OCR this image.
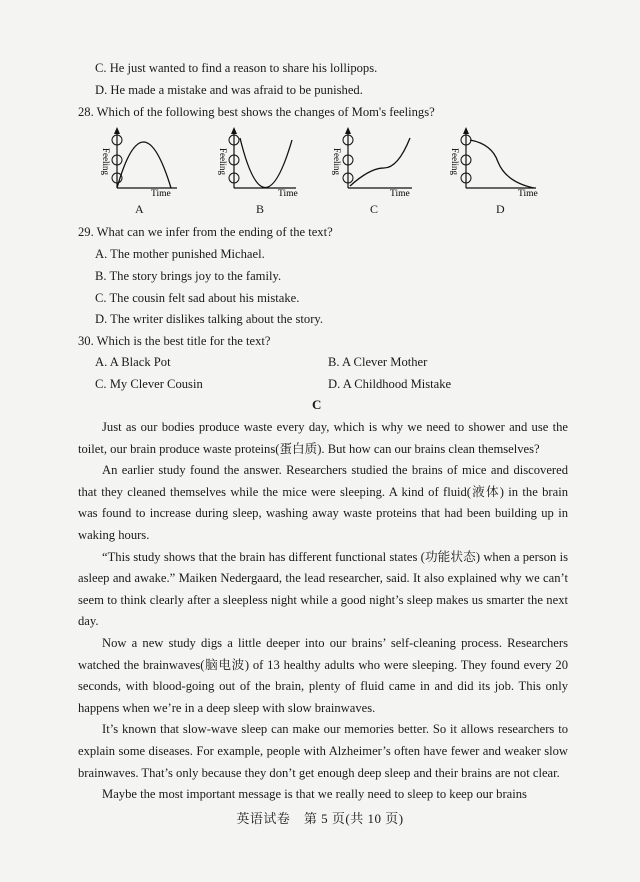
C. He just wanted to find a reason to share his lollipops.
D. He made a mistake and was afraid to be punished.
28. Which of the following best shows the changes of Mom's feelings?
Feeling
Time
A
Feeling
Time
B
Feeling
Time
C
Feeling
Time
D
29. What can we infer from the ending of the text?
A. The mother punished Michael.
B. The story brings joy to the family.
C. The cousin felt sad about his mistake.
D. The writer dislikes talking about the story.
30. Which is the best title for the text?
A. A Black Pot	B. A Clever Mother
C. My Clever Cousin	D. A Childhood Mistake
C

Just as our bodies produce waste every day, which is why we need to shower and use the toilet, our brain produce waste proteins(蛋白质). But how can our brains clean themselves?

An earlier study found the answer. Researchers studied the brains of mice and discovered that they cleaned themselves while the mice were sleeping. A kind of fluid(液体) in the brain was found to increase during sleep, washing away waste proteins that had been building up in waking hours.

“This study shows that the brain has different functional states (功能状态) when a person is asleep and awake.” Maiken Nedergaard, the lead researcher, said. It also explained why we can’t seem to think clearly after a sleepless night while a good night’s sleep makes us smarter the next day.

Now a new study digs a little deeper into our brains’ self-cleaning process. Researchers watched the brainwaves(脑电波) of 13 healthy adults who were sleeping. They found every 20 seconds, with blood-going out of the brain, plenty of fluid came in and did its job. This only happens when we’re in a deep sleep with slow brainwaves.

It’s known that slow-wave sleep can make our memories better. So it allows researchers to explain some diseases. For example, people with Alzheimer’s often have fewer and weaker slow brainwaves. That’s only because they don’t get enough deep sleep and their brains are not clear.

Maybe the most important message is that we really need to sleep to keep our brains

英语试卷　第 5 页(共 10 页)
